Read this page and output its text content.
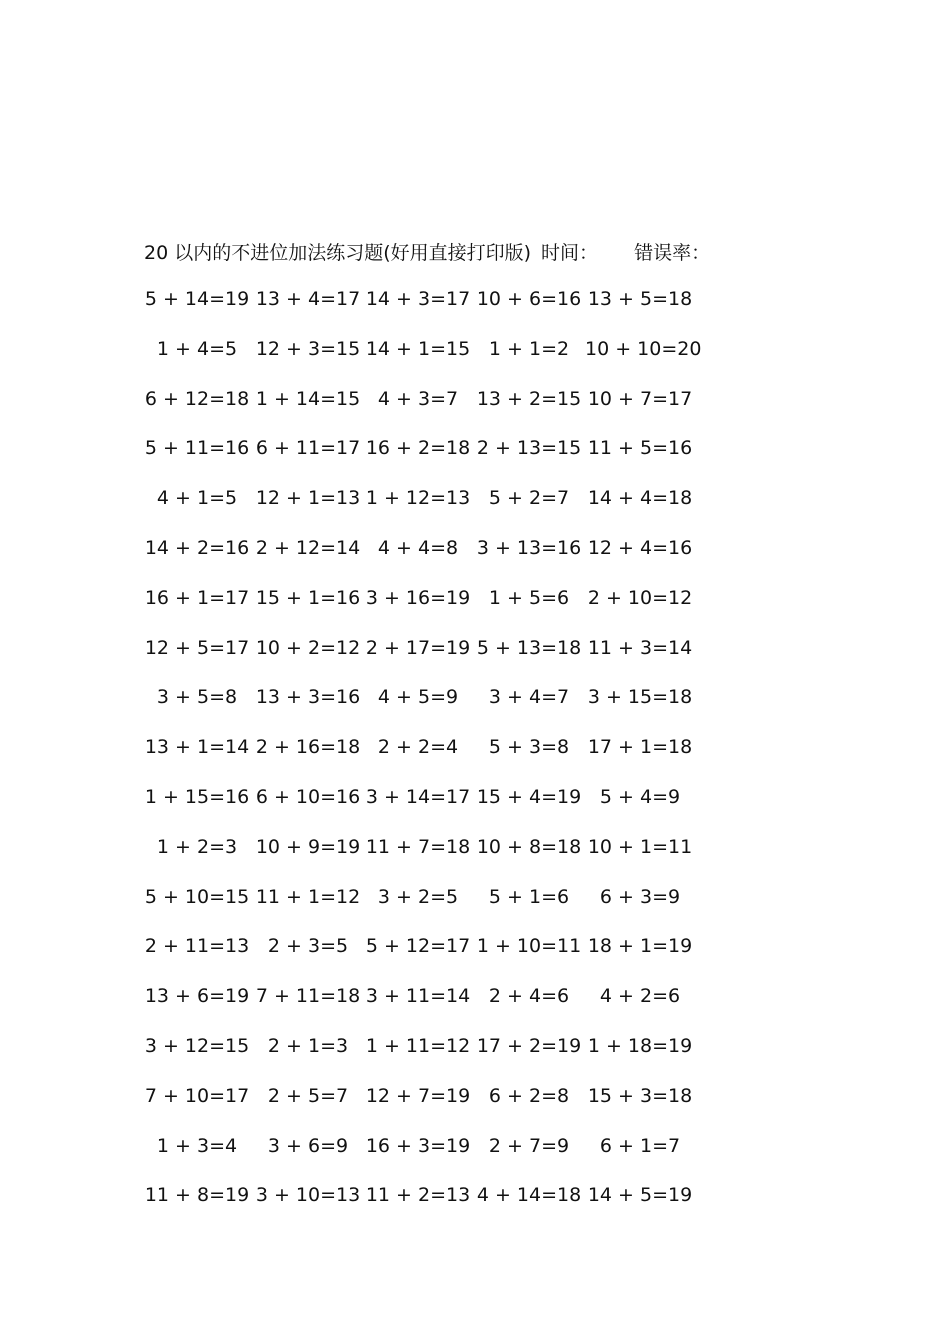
20 以内的不进位加法练习题(好用直接打印版) 时间： 错误率：
5 + 14=19 13 + 4=17 14 + 3=17 10 + 6=16 13 + 5=18
1 + 4=5 12 + 3=15 14 + 1=15 1 + 1=2 10 + 10=20
6 + 12=18 1 + 14=15 4 + 3=7 13 + 2=15 10 + 7=17
5 + 11=16 6 + 11=17 16 + 2=18 2 + 13=15 11 + 5=16
4 + 1=5 12 + 1=13 1 + 12=13 5 + 2=7 14 + 4=18
14 + 2=16 2 + 12=14 4 + 4=8 3 + 13=16 12 + 4=16
16 + 1=17 15 + 1=16 3 + 16=19 1 + 5=6 2 + 10=12
12 + 5=17 10 + 2=12 2 + 17=19 5 + 13=18 11 + 3=14
3 + 5=8 13 + 3=16 4 + 5=9	3 + 4=7 3 + 15=18
13 + 1=14 2 + 16=18 2 + 2=4	5 + 3=8 17 + 1=18
1 + 15=16 6 + 10=16 3 + 14=17 15 + 4=19 5 + 4=9
1 + 2=3 10 + 9=19 11 + 7=18 10 + 8=18 10 + 1=11
5 + 10=15 11 + 1=12 3 + 2=5	5 + 1=6	6 + 3=9
2 + 11=13 2 + 3=5 5 + 12=17 1 + 10=11 18 + 1=19
13 + 6=19 7 + 11=18 3 + 11=14 2 + 4=6	4 + 2=6
3 + 12=15 2 + 1=3 1 + 11=12 17 + 2=19 1 + 18=19
7 + 10=17 2 + 5=7 12 + 7=19 6 + 2=8 15 + 3=18
1 + 3=4	3 + 6=9 16 + 3=19 2 + 7=9	6 + 1=7
11 + 8=19 3 + 10=13 11 + 2=13 4 + 14=18 14 + 5=19
